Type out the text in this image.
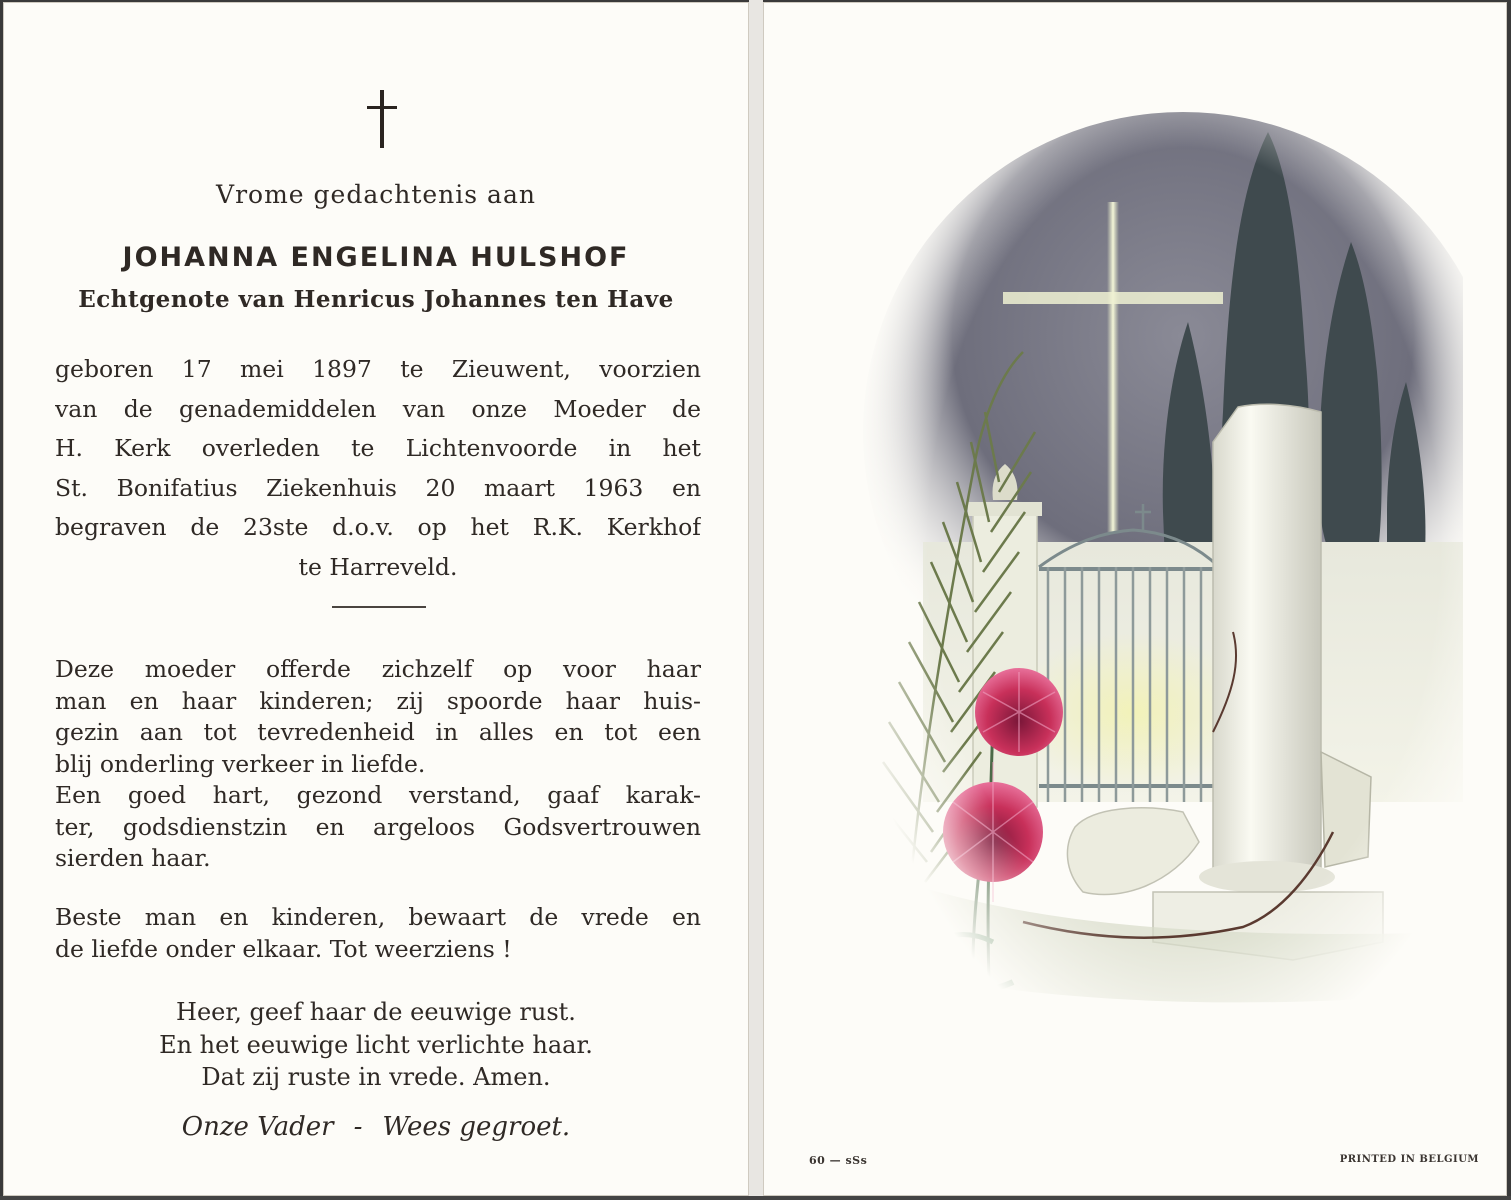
Vrome gedachtenis aan
JOHANNA ENGELINA HULSHOF
Echtgenote van Henricus Johannes ten Have
geboren 17 mei 1897 te Zieuwent, voorzien
van de genademiddelen van onze Moeder de
H. Kerk overleden te Lichtenvoorde in het
St. Bonifatius Ziekenhuis 20 maart 1963 en
begraven de 23ste d.o.v. op het R.K. Kerkhof
te Harreveld.
Deze moeder offerde zichzelf op voor haar
man en haar kinderen; zij spoorde haar huis-
gezin aan tot tevredenheid in alles en tot een
blij onderling verkeer in liefde.
Een goed hart, gezond verstand, gaaf karak-
ter, godsdienstzin en argeloos Godsvertrouwen
sierden haar.
Beste man en kinderen, bewaart de vrede en
de liefde onder elkaar. Tot weerziens !
Heer, geef haar de eeuwige rust.
En het eeuwige licht verlichte haar.
Dat zij ruste in vrede. Amen.
Onze Vader - Wees gegroet.
60 — sSs	PRINTED IN BELGIUM
